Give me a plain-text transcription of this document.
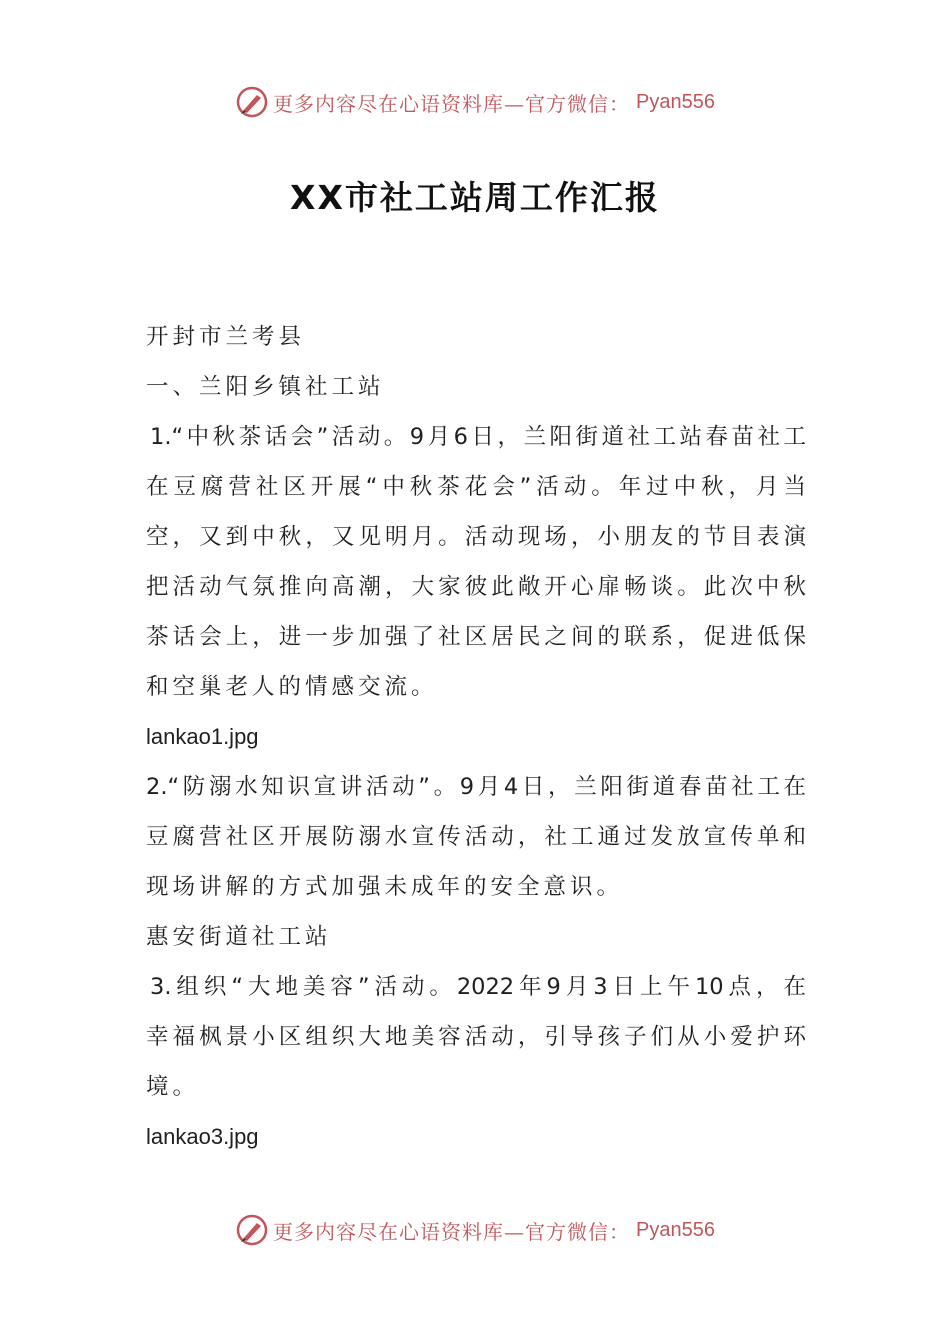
更多内容尽在心语资料库—官方微信： Pyan556
XX市社工站周工作汇报
开封市兰考县
一、兰阳乡镇社工站
1.“中秋茶话会”活动。9月6日，兰阳街道社工站春苗社工
在豆腐营社区开展“中秋茶花会”活动。年过中秋，月当
空，又到中秋，又见明月。活动现场，小朋友的节目表演
把活动气氛推向高潮，大家彼此敞开心扉畅谈。此次中秋
茶话会上，进一步加强了社区居民之间的联系，促进低保
和空巢老人的情感交流。
lankao1.jpg
2.“防溺水知识宣讲活动”。9月4日，兰阳街道春苗社工在
豆腐营社区开展防溺水宣传活动，社工通过发放宣传单和
现场讲解的方式加强未成年的安全意识。
惠安街道社工站
3.组织“大地美容”活动。2022年9月3日上午10点，在
幸福枫景小区组织大地美容活动，引导孩子们从小爱护环
境。
lankao3.jpg
更多内容尽在心语资料库—官方微信： Pyan556
